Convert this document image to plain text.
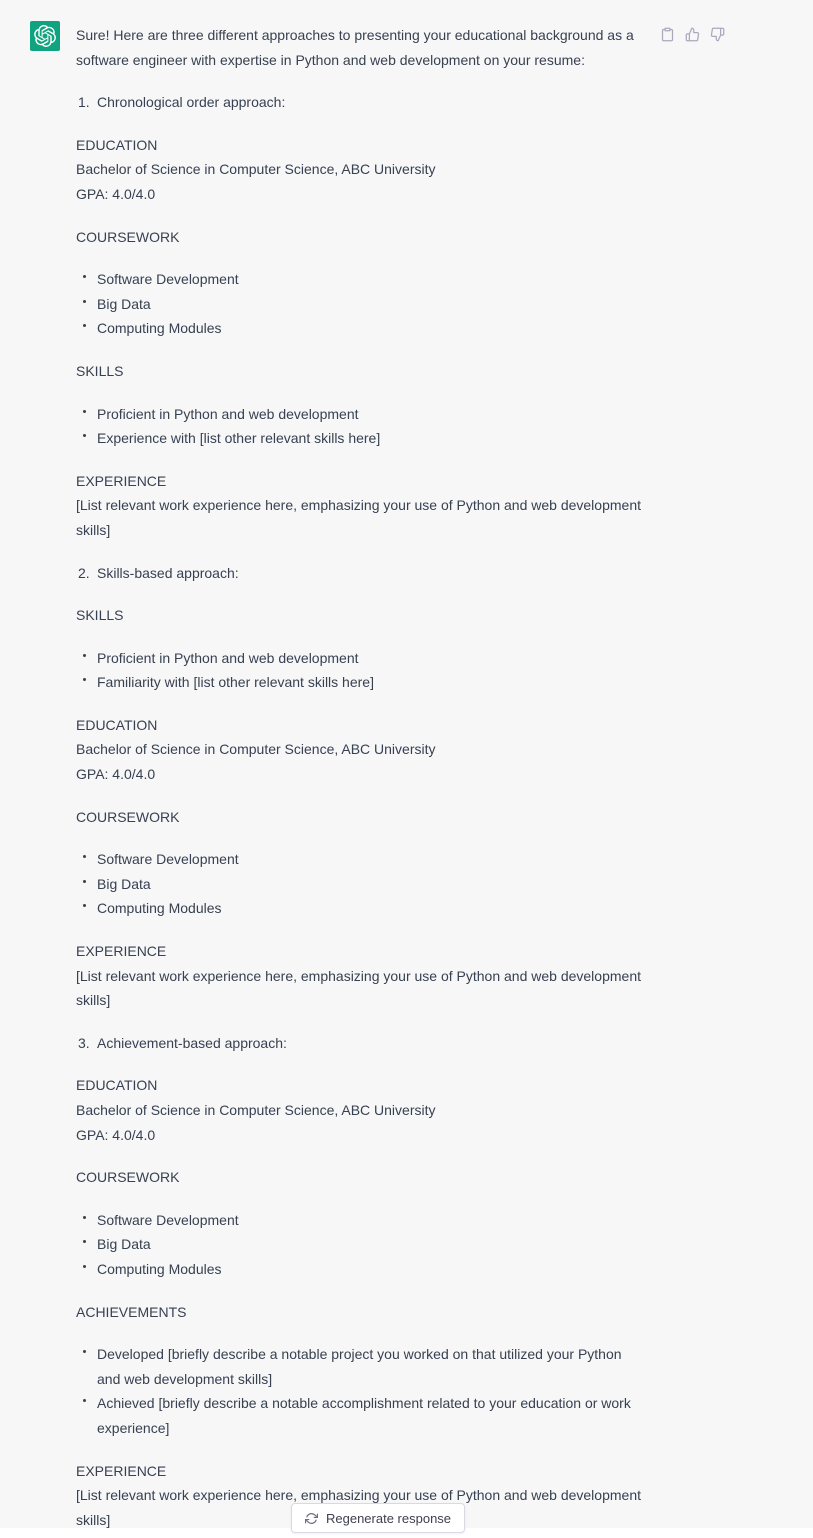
Sure! Here are three different approaches to presenting your educational background as a software engineer with expertise in Python and web development on your resume:

1. Chronological order approach:

EDUCATION
Bachelor of Science in Computer Science, ABC University
GPA: 4.0/4.0

COURSEWORK

Software Development
Big Data
Computing Modules

SKILLS

Proficient in Python and web development
Experience with [list other relevant skills here]

EXPERIENCE
[List relevant work experience here, emphasizing your use of Python and web development skills]

2. Skills-based approach:

SKILLS

Proficient in Python and web development
Familiarity with [list other relevant skills here]

EDUCATION
Bachelor of Science in Computer Science, ABC University
GPA: 4.0/4.0

COURSEWORK

Software Development
Big Data
Computing Modules

EXPERIENCE
[List relevant work experience here, emphasizing your use of Python and web development skills]

3. Achievement-based approach:

EDUCATION
Bachelor of Science in Computer Science, ABC University
GPA: 4.0/4.0

COURSEWORK

Software Development
Big Data
Computing Modules

ACHIEVEMENTS

Developed [briefly describe a notable project you worked on that utilized your Python and web development skills]
Achieved [briefly describe a notable accomplishment related to your education or work experience]

EXPERIENCE
[List relevant work experience here, emphasizing your use of Python and web development skills]	Regenerate response
